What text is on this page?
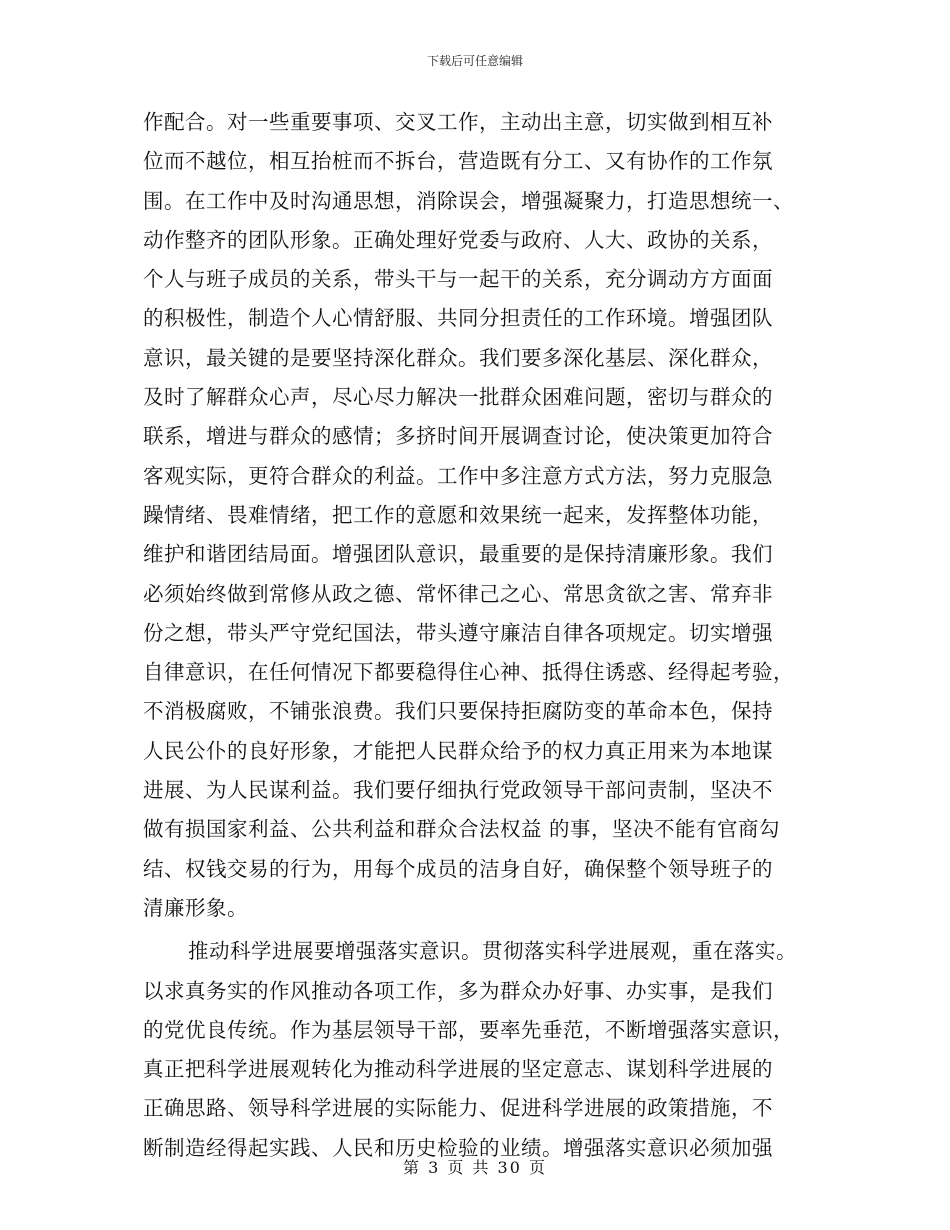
下载后可任意编辑
作配合。对一些重要事项、交叉工作，主动出主意，切实做到相互补
位而不越位，相互抬桩而不拆台，营造既有分工、又有协作的工作氛
围。在工作中及时沟通思想，消除误会，增强凝聚力，打造思想统一、
动作整齐的团队形象。正确处理好党委与政府、人大、政协的关系，
个人与班子成员的关系，带头干与一起干的关系，充分调动方方面面
的积极性，制造个人心情舒服、共同分担责任的工作环境。增强团队
意识，最关键的是要坚持深化群众。我们要多深化基层、深化群众，
及时了解群众心声，尽心尽力解决一批群众困难问题，密切与群众的
联系，增进与群众的感情；多挤时间开展调查讨论，使决策更加符合
客观实际，更符合群众的利益。工作中多注意方式方法，努力克服急
躁情绪、畏难情绪，把工作的意愿和效果统一起来，发挥整体功能，
维护和谐团结局面。增强团队意识，最重要的是保持清廉形象。我们
必须始终做到常修从政之德、常怀律己之心、常思贪欲之害、常弃非
份之想，带头严守党纪国法，带头遵守廉洁自律各项规定。切实增强
自律意识，在任何情况下都要稳得住心神、抵得住诱惑、经得起考验，
不消极腐败，不铺张浪费。我们只要保持拒腐防变的革命本色，保持
人民公仆的良好形象，才能把人民群众给予的权力真正用来为本地谋
进展、为人民谋利益。我们要仔细执行党政领导干部问责制，坚决不
做有损国家利益、公共利益和群众合法权益 的事，坚决不能有官商勾
结、权钱交易的行为，用每个成员的洁身自好，确保整个领导班子的
清廉形象。
推动科学进展要增强落实意识。贯彻落实科学进展观，重在落实。
以求真务实的作风推动各项工作，多为群众办好事、办实事，是我们
的党优良传统。作为基层领导干部，要率先垂范，不断增强落实意识，
真正把科学进展观转化为推动科学进展的坚定意志、谋划科学进展的
正确思路、领导科学进展的实际能力、促进科学进展的政策措施，不
断制造经得起实践、人民和历史检验的业绩。增强落实意识必须加强
第 3 页 共 30 页
